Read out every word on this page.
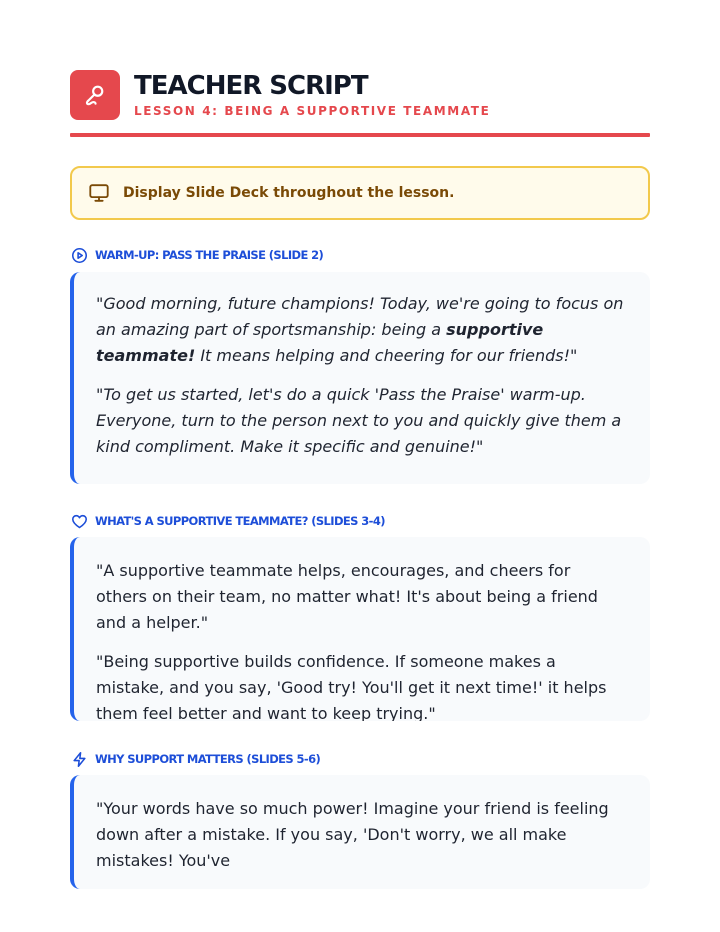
TEACHER SCRIPT
LESSON 4: BEING A SUPPORTIVE TEAMMATE
Display Slide Deck throughout the lesson.
WARM-UP: PASS THE PRAISE (SLIDE 2)

"Good morning, future champions! Today, we're going to focus on an amazing part of sportsmanship: being a supportive teammate! It means helping and cheering for our friends!"

"To get us started, let's do a quick 'Pass the Praise' warm-up. Everyone, turn to the person next to you and quickly give them a kind compliment. Make it specific and genuine!"

WHAT'S A SUPPORTIVE TEAMMATE? (SLIDES 3-4)

"A supportive teammate helps, encourages, and cheers for others on their team, no matter what! It's about being a friend and a helper."

"Being supportive builds confidence. If someone makes a mistake, and you say, 'Good try! You'll get it next time!' it helps them feel better and want to keep trying."

WHY SUPPORT MATTERS (SLIDES 5-6)

"Your words have so much power! Imagine your friend is feeling down after a mistake. If you say, 'Don't worry, we all make mistakes! You've
